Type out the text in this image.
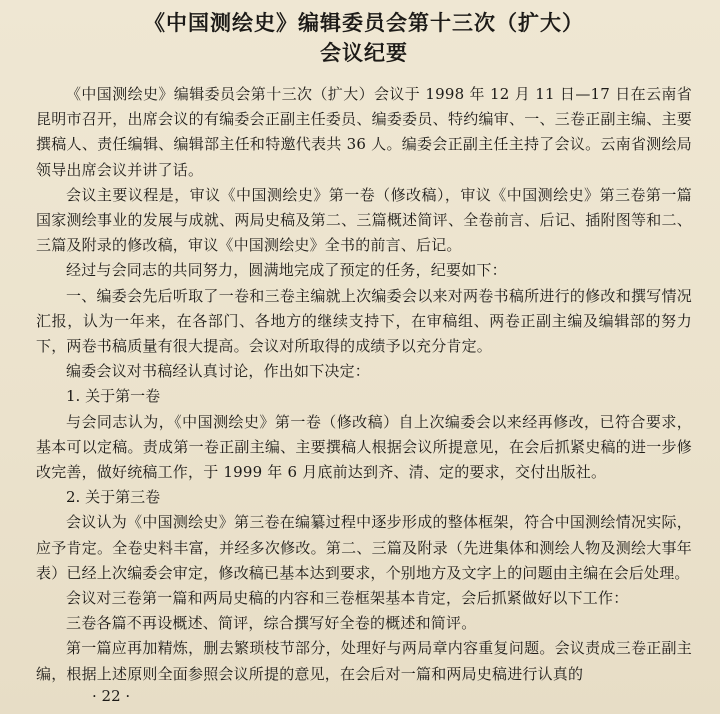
《中国测绘史》编辑委员会第十三次（扩大）
会议纪要

《中国测绘史》编辑委员会第十三次（扩大）会议于 1998 年 12 月 11 日—17 日在云南省昆明市召开，出席会议的有编委会正副主任委员、编委委员、特约编审、一、三卷正副主编、主要撰稿人、责任编辑、编辑部主任和特邀代表共 36 人。编委会正副主任主持了会议。云南省测绘局领导出席会议并讲了话。

会议主要议程是，审议《中国测绘史》第一卷（修改稿），审议《中国测绘史》第三卷第一篇国家测绘事业的发展与成就、两局史稿及第二、三篇概述简评、全卷前言、后记、插附图等和二、三篇及附录的修改稿，审议《中国测绘史》全书的前言、后记。

经过与会同志的共同努力，圆满地完成了预定的任务，纪要如下：

一、编委会先后听取了一卷和三卷主编就上次编委会以来对两卷书稿所进行的修改和撰写情况汇报，认为一年来，在各部门、各地方的继续支持下，在审稿组、两卷正副主编及编辑部的努力下，两卷书稿质量有很大提高。会议对所取得的成绩予以充分肯定。

编委会议对书稿经认真讨论，作出如下决定：

1. 关于第一卷

与会同志认为，《中国测绘史》第一卷（修改稿）自上次编委会以来经再修改，已符合要求，基本可以定稿。责成第一卷正副主编、主要撰稿人根据会议所提意见，在会后抓紧史稿的进一步修改完善，做好统稿工作，于 1999 年 6 月底前达到齐、清、定的要求，交付出版社。

2. 关于第三卷

会议认为《中国测绘史》第三卷在编纂过程中逐步形成的整体框架，符合中国测绘情况实际，应予肯定。全卷史料丰富，并经多次修改。第二、三篇及附录（先进集体和测绘人物及测绘大事年表）已经上次编委会审定，修改稿已基本达到要求，个别地方及文字上的问题由主编在会后处理。

会议对三卷第一篇和两局史稿的内容和三卷框架基本肯定，会后抓紧做好以下工作：

三卷各篇不再设概述、简评，综合撰写好全卷的概述和简评。

第一篇应再加精炼，删去繁琐枝节部分，处理好与两局章内容重复问题。会议责成三卷正副主编，根据上述原则全面参照会议所提的意见，在会后对一篇和两局史稿进行认真的

· 22 ·
